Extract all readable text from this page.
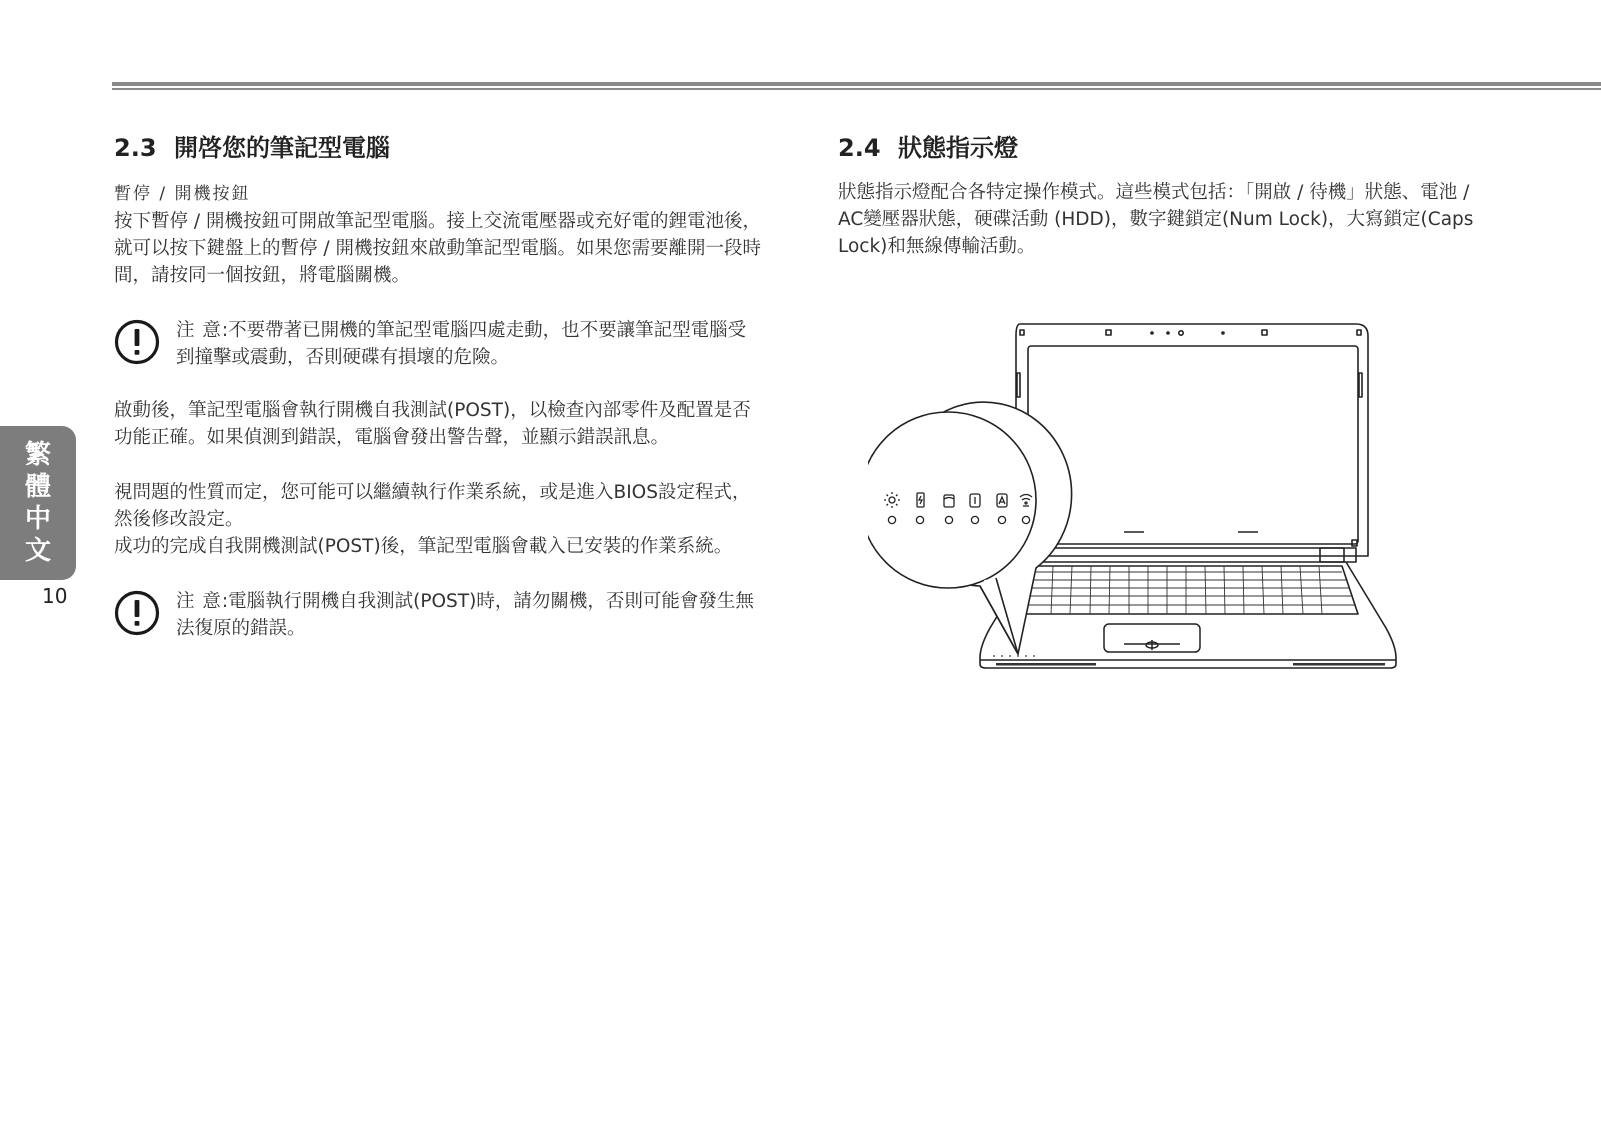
繁
體
中
文
10
2.3 開啓您的筆記型電腦
暫停 / 開機按鈕

按下暫停 / 開機按鈕可開啟筆記型電腦。接上交流電壓器或充好電的鋰電池後，就可以按下鍵盤上的暫停 / 開機按鈕來啟動筆記型電腦。如果您需要離開一段時間，請按同一個按鈕，將電腦關機。

注 意:不要帶著已開機的筆記型電腦四處走動，也不要讓筆記型電腦受到撞擊或震動，否則硬碟有損壞的危險。

啟動後，筆記型電腦會執行開機自我測試(POST)，以檢查內部零件及配置是否功能正確。如果偵測到錯誤，電腦會發出警告聲，並顯示錯誤訊息。

視問題的性質而定，您可能可以繼續執行作業系統，或是進入BIOS設定程式，然後修改設定。

成功的完成自我開機測試(POST)後，筆記型電腦會載入已安裝的作業系統。

注 意:電腦執行開機自我測試(POST)時，請勿關機，否則可能會發生無法復原的錯誤。

2.4 狀態指示燈

狀態指示燈配合各特定操作模式。這些模式包括：「開啟 / 待機」狀態、電池 / AC變壓器狀態，硬碟活動 (HDD)，數字鍵鎖定(Num Lock)，大寫鎖定(Caps Lock)和無線傳輸活動。
